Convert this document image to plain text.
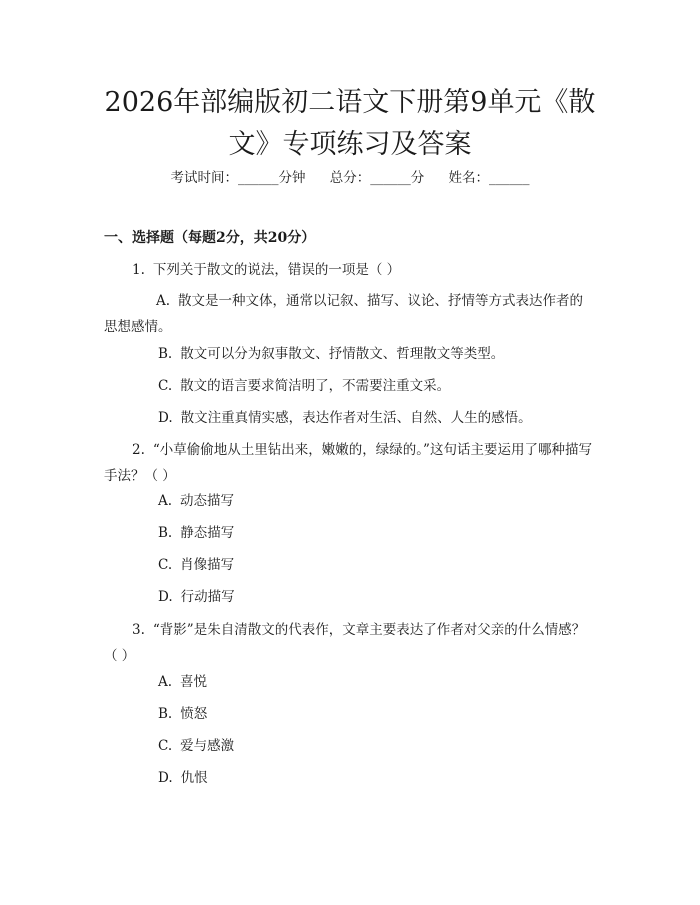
2026年部编版初二语文下册第9单元《散文》专项练习及答案
考试时间：______分钟 总分：______分 姓名：______
一、选择题（每题2分，共20分）

1. 下列关于散文的说法，错误的一项是（ ）

A. 散文是一种文体，通常以记叙、描写、议论、抒情等方式表达作者的思想感情。

B. 散文可以分为叙事散文、抒情散文、哲理散文等类型。

C. 散文的语言要求简洁明了，不需要注重文采。

D. 散文注重真情实感，表达作者对生活、自然、人生的感悟。

2. “小草偷偷地从土里钻出来，嫩嫩的，绿绿的。”这句话主要运用了哪种描写手法？（ ）

A. 动态描写

B. 静态描写

C. 肖像描写

D. 行动描写

3. “背影”是朱自清散文的代表作，文章主要表达了作者对父亲的什么情感？（ ）

A. 喜悦

B. 愤怒

C. 爱与感激

D. 仇恨
